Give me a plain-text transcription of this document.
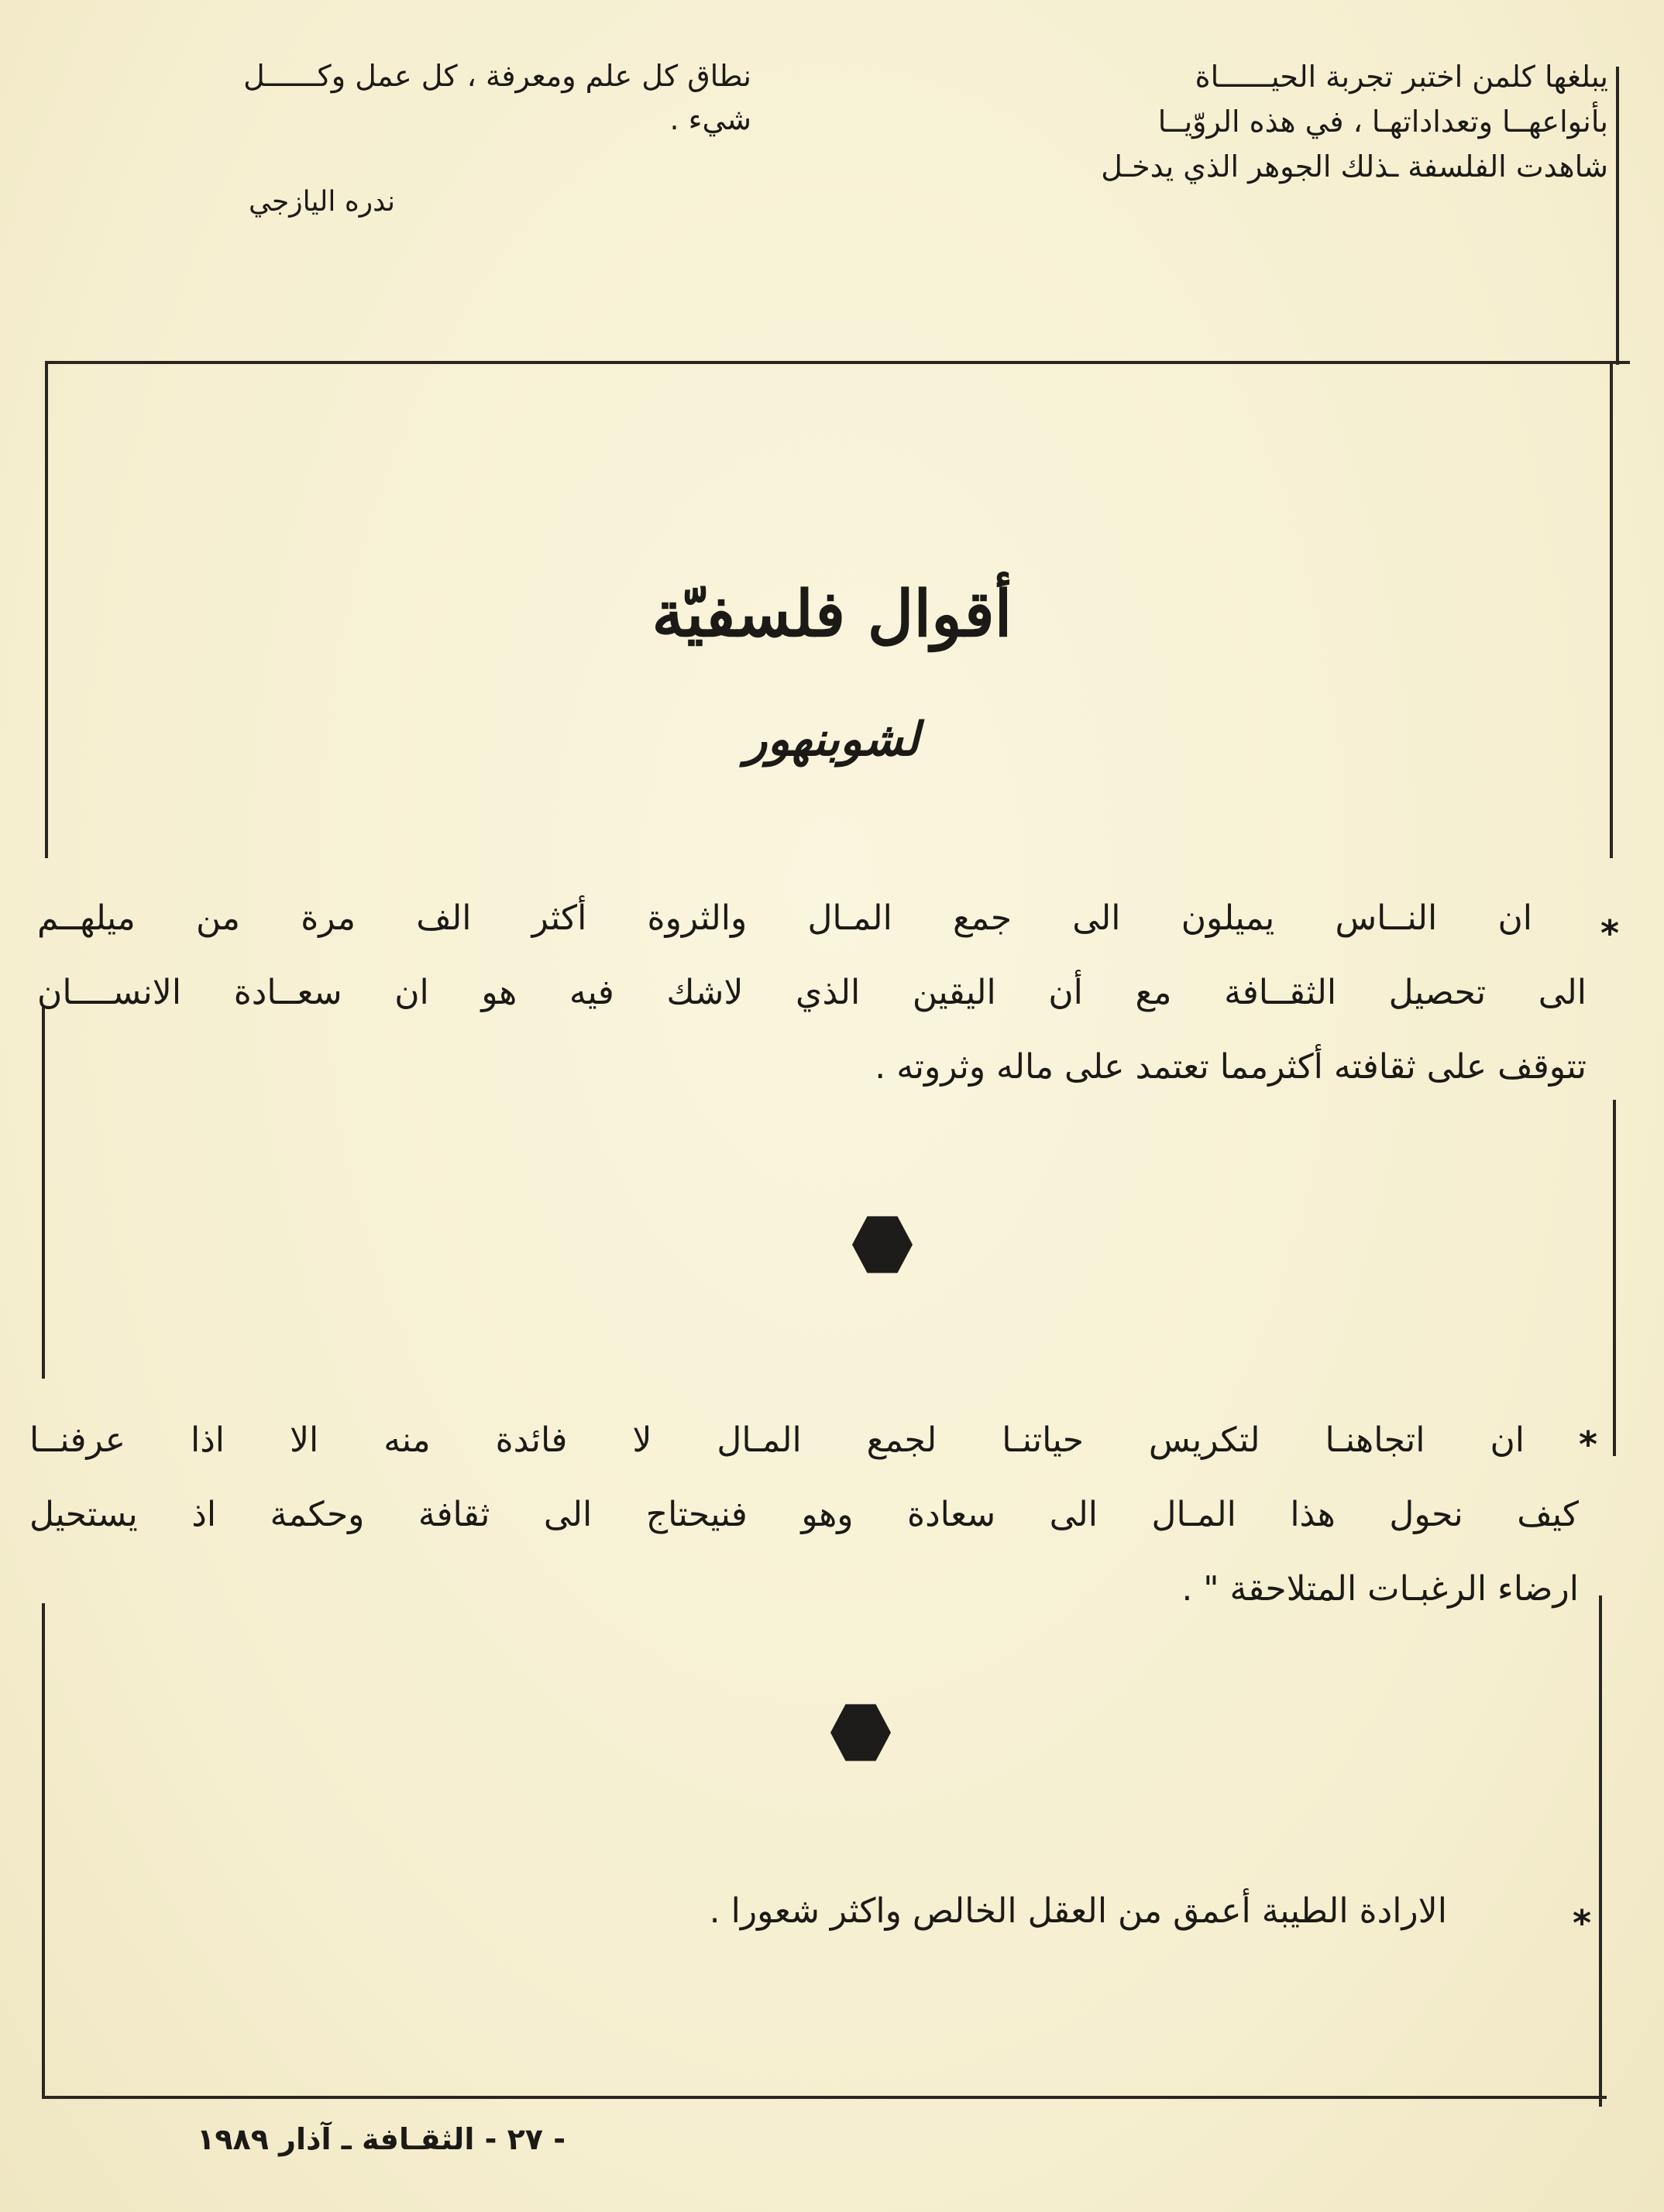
يبلغها كلمن اختبر تجربة الحيــــــاة
بأنواعهــا وتعداداتهـا ، في هذه الروّيــا
شاهدت الفلسفة ـذلك الجوهر الذي يدخـل
نطاق كل علم ومعرفة ، كل عمل وكــــــل
شيء .
ندره اليازجي
أقوال فلسفيّة
لشوبنهور
*
ان النــاس يميلون الى جمع المـال والثروة أكثر الف مرة من ميلهــم
الى تحصيل الثقــافة مع أن اليقين الذي لاشك فيه هو ان سعــادة الانســــان
تتوقف على ثقافته أكثرمما تعتمد على ماله وثروته .
*
ان اتجاهنـا لتكريس حياتنـا لجمع المـال لا فائدة منه الا اذا عرفنــا
كيف نحول هذا المـال الى سعادة وهو فنيحتاج الى ثقافة وحكمة اذ يستحيل
ارضاء الرغبـات المتلاحقة " .
*
الارادة الطيبة أعمق من العقل الخالص واكثر شعورا .
- ٢٧ - الثقـافة ـ آذار ١٩٨٩
